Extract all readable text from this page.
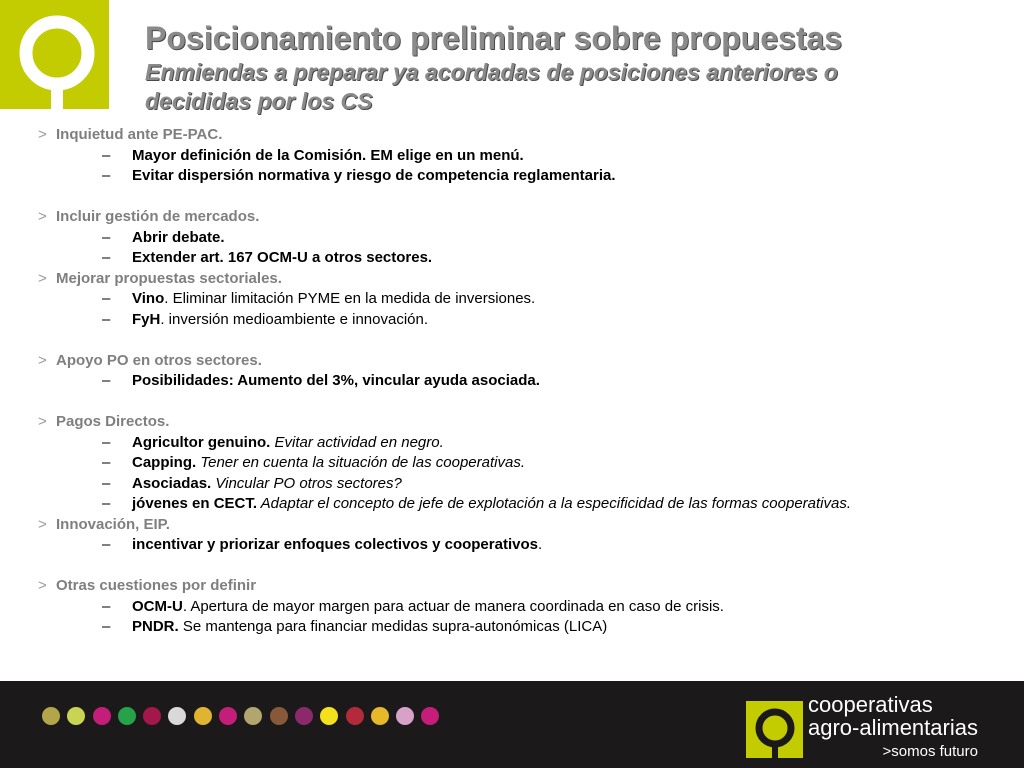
Posicionamiento preliminar sobre propuestas
Enmiendas a preparar ya acordadas de posiciones anteriores o
decididas por los CS
> Inquietud ante PE-PAC.
– Mayor definición de la Comisión. EM elige en un menú.
– Evitar dispersión normativa y riesgo de competencia reglamentaria.
> Incluir gestión de mercados.
– Abrir debate.
– Extender art. 167 OCM-U a otros sectores.
> Mejorar propuestas sectoriales.
– Vino. Eliminar limitación PYME en la medida de inversiones.
– FyH. inversión medioambiente e innovación.
> Apoyo PO en otros sectores.
– Posibilidades: Aumento del 3%, vincular ayuda asociada.
> Pagos Directos.
– Agricultor genuino. Evitar actividad en negro.
– Capping. Tener en cuenta la situación de las cooperativas.
– Asociadas. Vincular PO otros sectores?
– jóvenes en CECT. Adaptar el concepto de jefe de explotación a la especificidad de las formas cooperativas.
> Innovación, EIP.
– incentivar y priorizar enfoques colectivos y cooperativos.
> Otras cuestiones por definir
– OCM-U. Apertura de mayor margen para actuar de manera coordinada en caso de crisis.
– PNDR. Se mantenga para financiar medidas supra-autonómicas (LICA)
cooperativas
agro-alimentarias
>somos futuro
